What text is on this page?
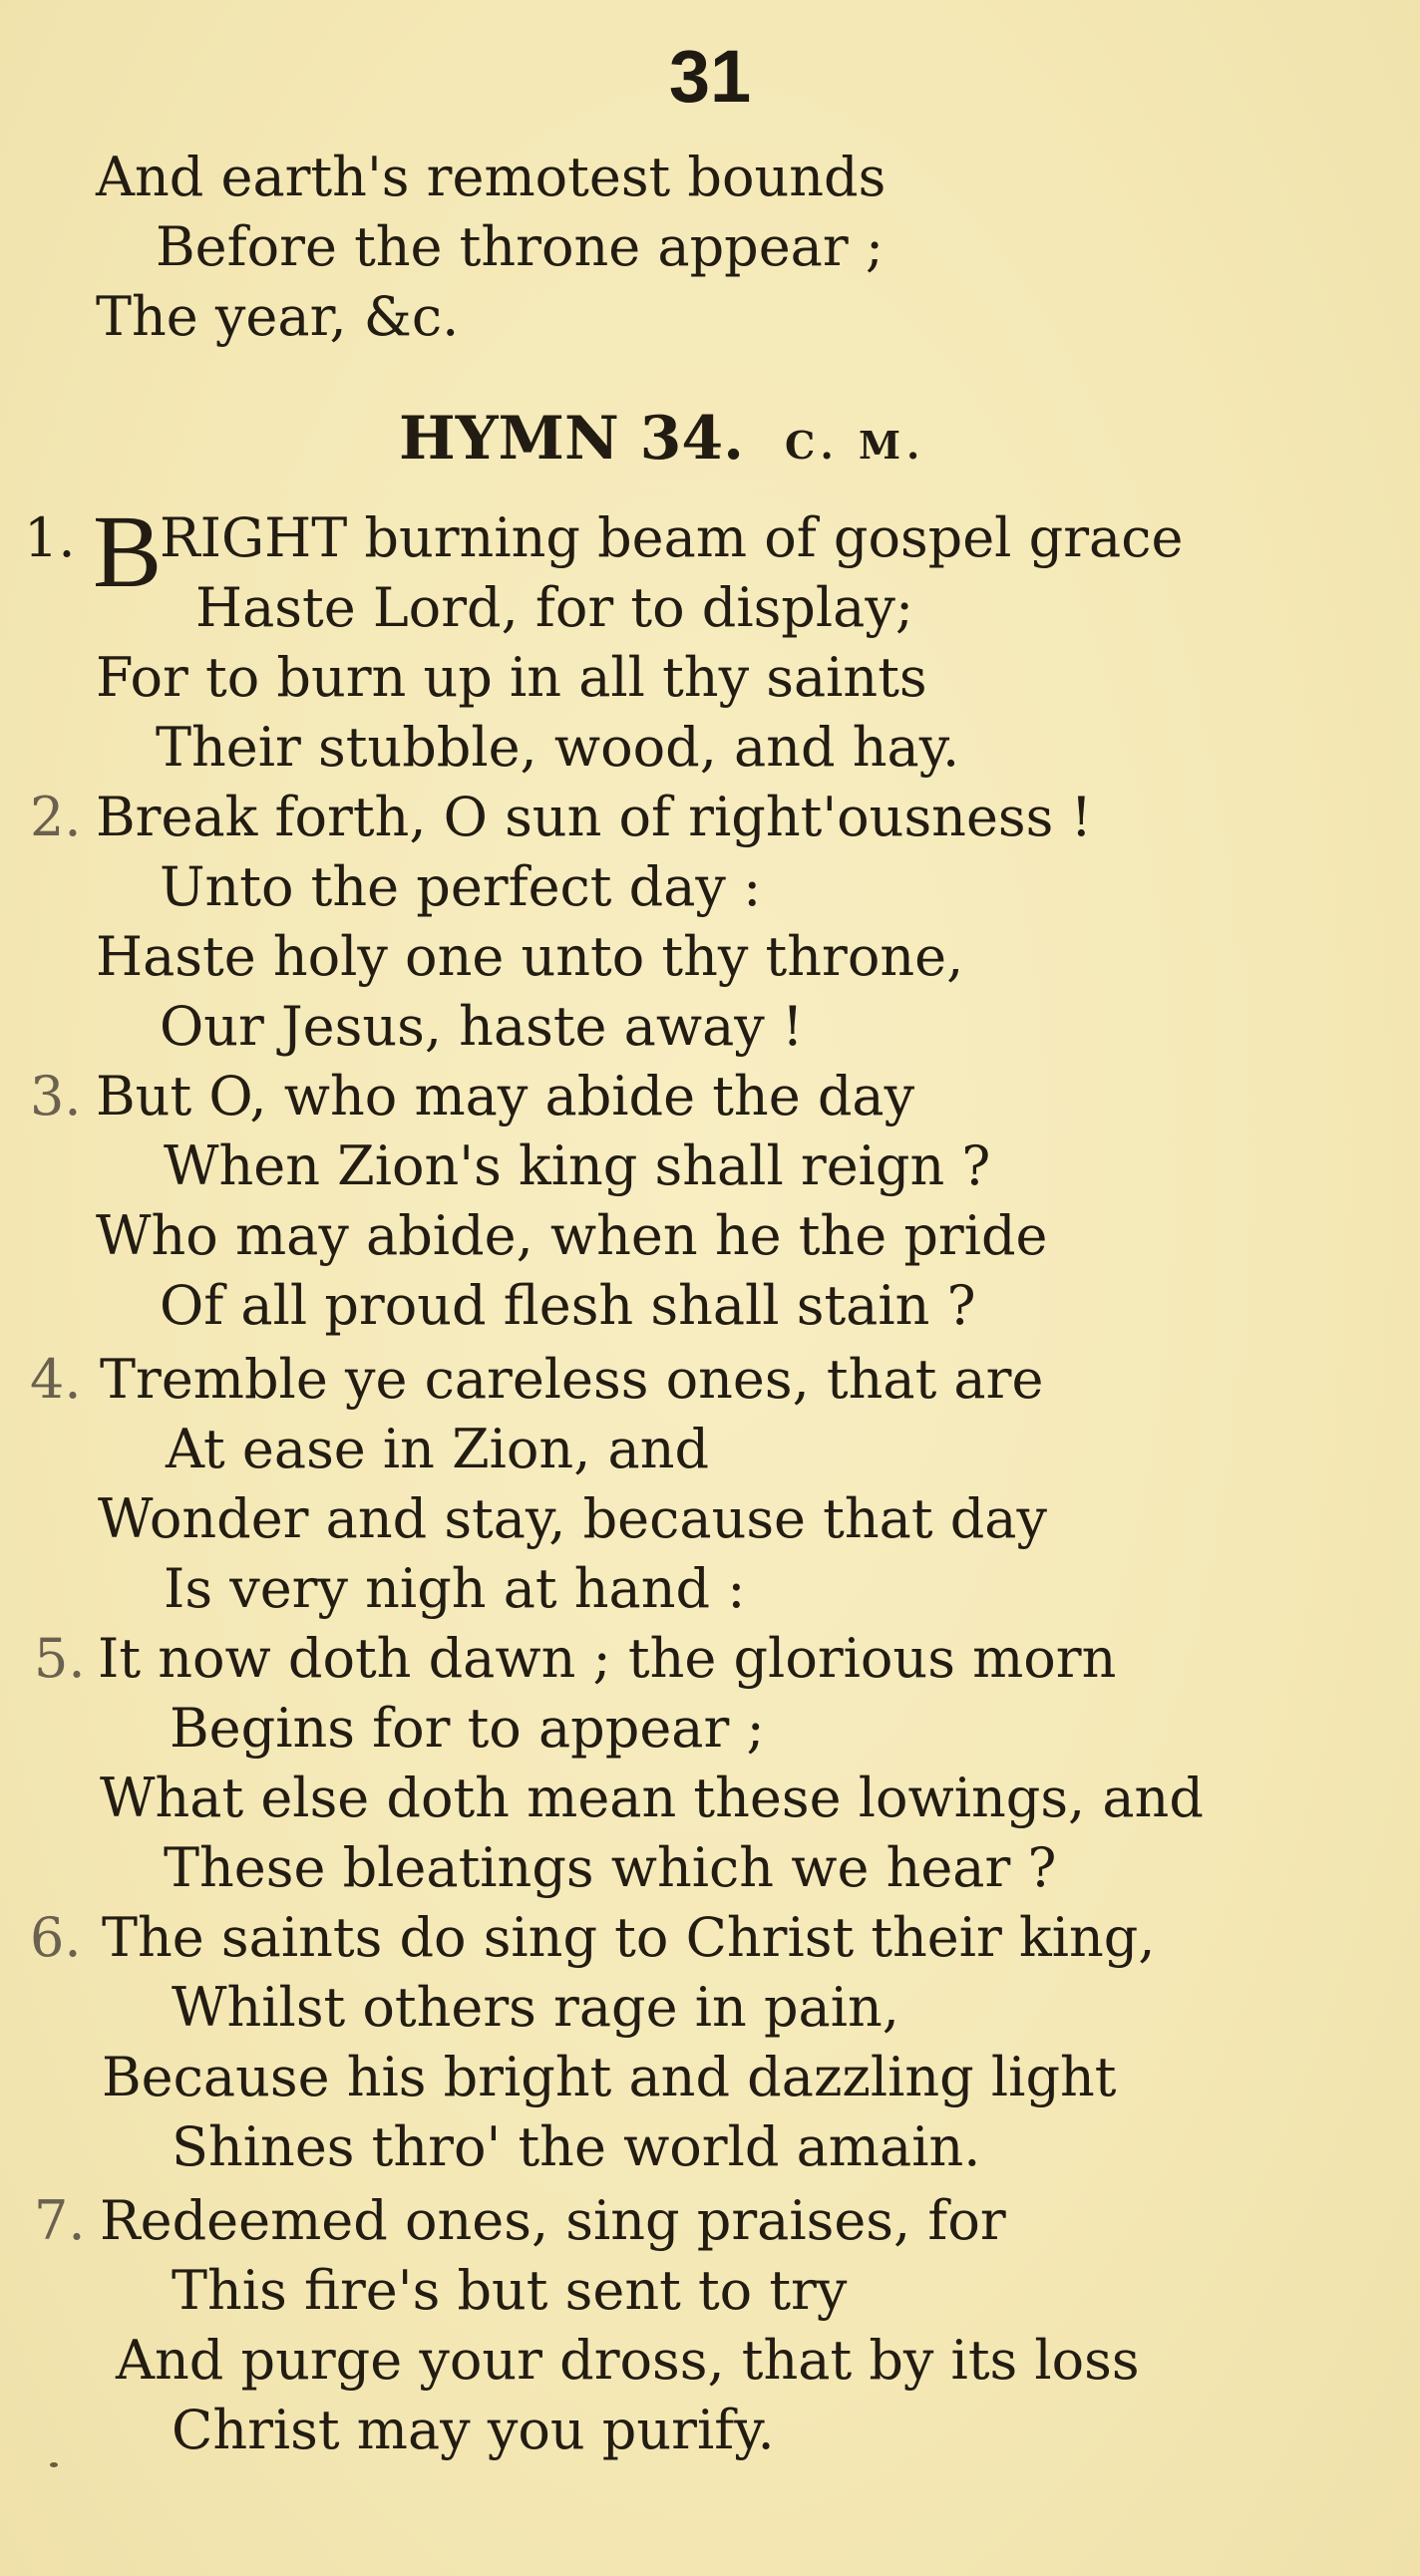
31
And earth's remotest bounds
Before the throne appear ;
The year, &c.
HYMN 34. C. M.
1. B
RIGHT burning beam of gospel grace
Haste Lord, for to display;
For to burn up in all thy saints
Their stubble, wood, and hay.
2. Break forth, O sun of right'ousness !
Unto the perfect day :
Haste holy one unto thy throne,
Our Jesus, haste away !
3. But O, who may abide the day
When Zion's king shall reign ?
Who may abide, when he the pride
Of all proud flesh shall stain ?
4. Tremble ye careless ones, that are
At ease in Zion, and
Wonder and stay, because that day
Is very nigh at hand :
5. It now doth dawn ; the glorious morn
Begins for to appear ;
What else doth mean these lowings, and
These bleatings which we hear ?
6. The saints do sing to Christ their king,
Whilst others rage in pain,
Because his bright and dazzling light
Shines thro' the world amain.
7. Redeemed ones, sing praises, for
This fire's but sent to try
And purge your dross, that by its loss
Christ may you purify.
